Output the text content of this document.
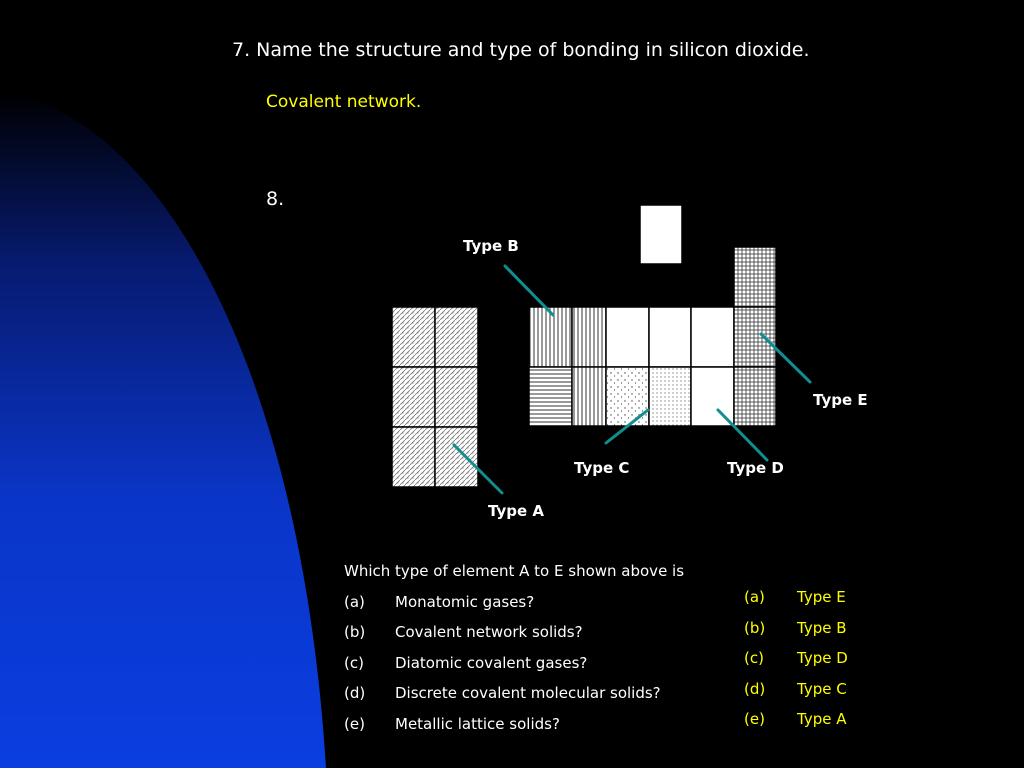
7. Name the structure and type of bonding in silicon dioxide.
Covalent network.
8.
Type B
Type E
Type C	Type D
Type A
Which type of element A to E shown above is
(a) Monatomic gases?
(b) Covalent network solids?
(c) Diatomic covalent gases?
(d) Discrete covalent molecular solids?
(e) Metallic lattice solids?
(a) Type E
(b) Type B
(c) Type D
(d) Type C
(e) Type A
